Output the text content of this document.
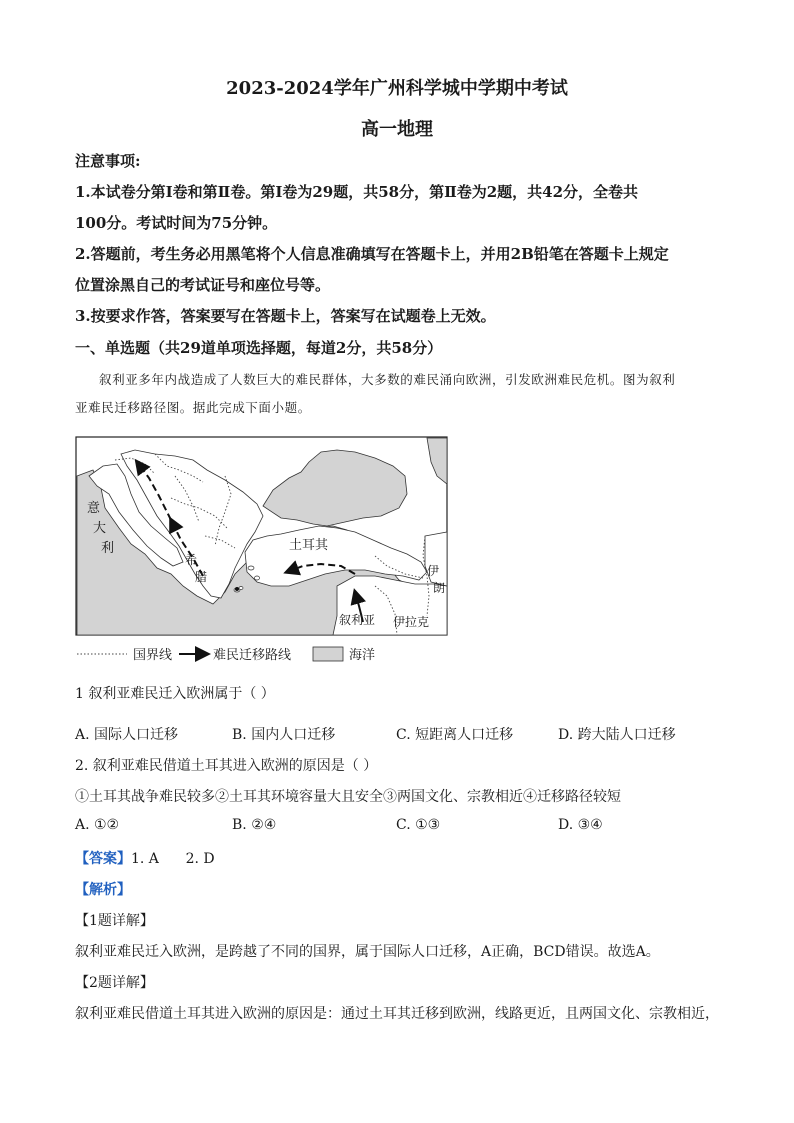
2023-2024学年广州科学城中学期中考试
高一地理
注意事项:
1.本试卷分第Ⅰ卷和第Ⅱ卷。第Ⅰ卷为29题，共58分，第Ⅱ卷为2题，共42分，全卷共
100分。考试时间为75分钟。
2.答题前，考生务必用黑笔将个人信息准确填写在答题卡上，并用2B铅笔在答题卡上规定
位置涂黑自己的考试证号和座位号等。
3.按要求作答，答案要写在答题卡上，答案写在试题卷上无效。
一、单选题（共29道单项选择题，每道2分，共58分）
叙利亚多年内战造成了人数巨大的难民群体，大多数的难民涌向欧洲，引发欧洲难民危机。图为叙利
亚难民迁移路径图。据此完成下面小题。
意
大
利
希
腊
土耳其
伊
朗
叙利亚 伊拉克
国界线	难民迁移路线	海洋
1 叙利亚难民迁入欧洲属于（ ）
A. 国际人口迁移	B. 国内人口迁移	C. 短距离人口迁移	D. 跨大陆人口迁移
2. 叙利亚难民借道土耳其进入欧洲的原因是（ ）
①土耳其战争难民较多②土耳其环境容量大且安全③两国文化、宗教相近④迁移路径较短
A. ①②	B. ②④	C. ①③	D. ③④
【答案】1. A      2. D
【解析】
【1题详解】
叙利亚难民迁入欧洲，是跨越了不同的国界，属于国际人口迁移，A正确，BCD错误。故选A。
【2题详解】
叙利亚难民借道土耳其进入欧洲的原因是：通过土耳其迁移到欧洲，线路更近，且两国文化、宗教相近，
